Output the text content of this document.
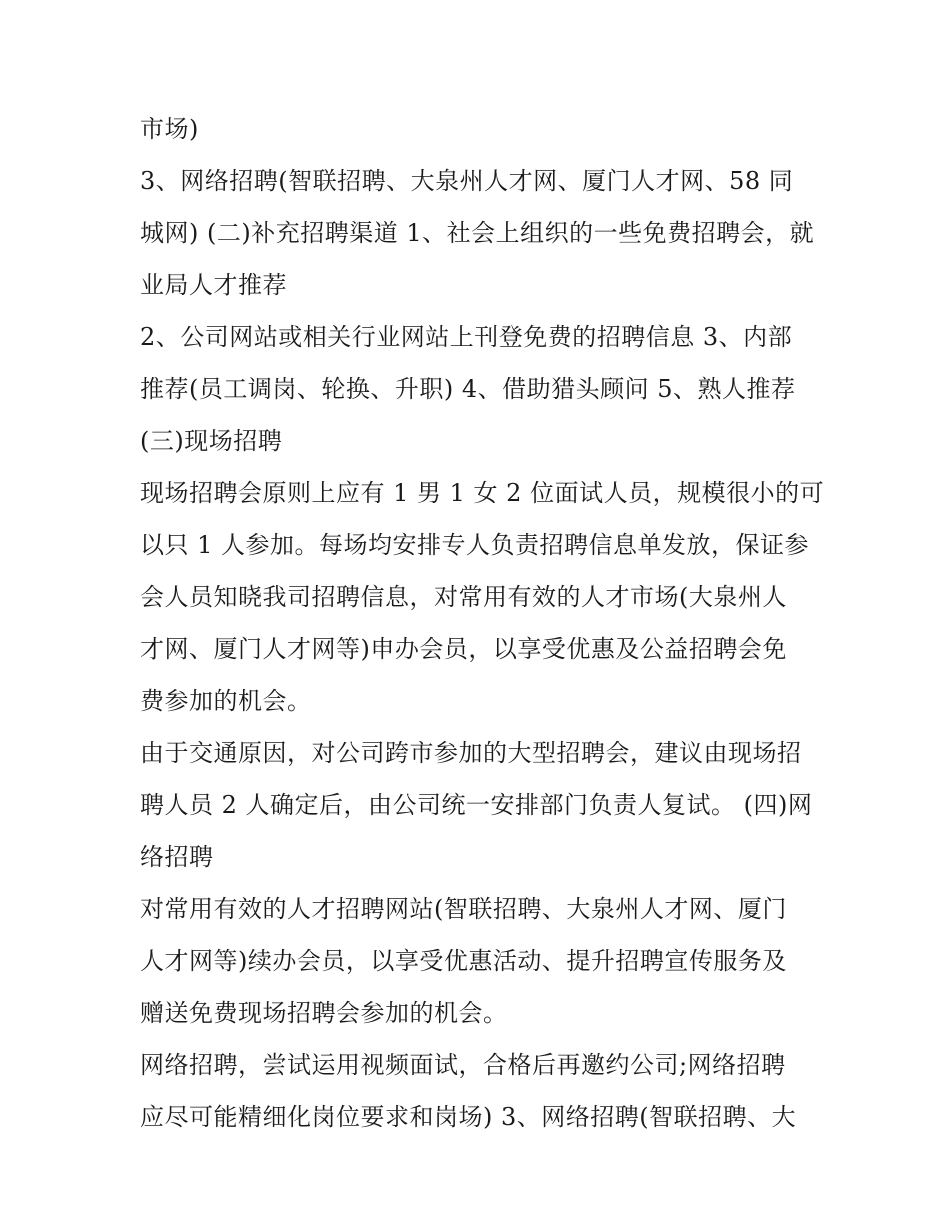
市场)
3、网络招聘(智联招聘、大泉州人才网、厦门人才网、58 同
城网) (二)补充招聘渠道 1、社会上组织的一些免费招聘会，就
业局人才推荐
2、公司网站或相关行业网站上刊登免费的招聘信息 3、内部
推荐(员工调岗、轮换、升职) 4、借助猎头顾问 5、熟人推荐
(三)现场招聘
现场招聘会原则上应有 1 男 1 女 2 位面试人员，规模很小的可
以只 1 人参加。每场均安排专人负责招聘信息单发放，保证参
会人员知晓我司招聘信息，对常用有效的人才市场(大泉州人
才网、厦门人才网等)申办会员，以享受优惠及公益招聘会免
费参加的机会。
由于交通原因，对公司跨市参加的大型招聘会，建议由现场招
聘人员 2 人确定后，由公司统一安排部门负责人复试。 (四)网
络招聘
对常用有效的人才招聘网站(智联招聘、大泉州人才网、厦门
人才网等)续办会员，以享受优惠活动、提升招聘宣传服务及
赠送免费现场招聘会参加的机会。
网络招聘，尝试运用视频面试，合格后再邀约公司;网络招聘
应尽可能精细化岗位要求和岗场) 3、网络招聘(智联招聘、大
